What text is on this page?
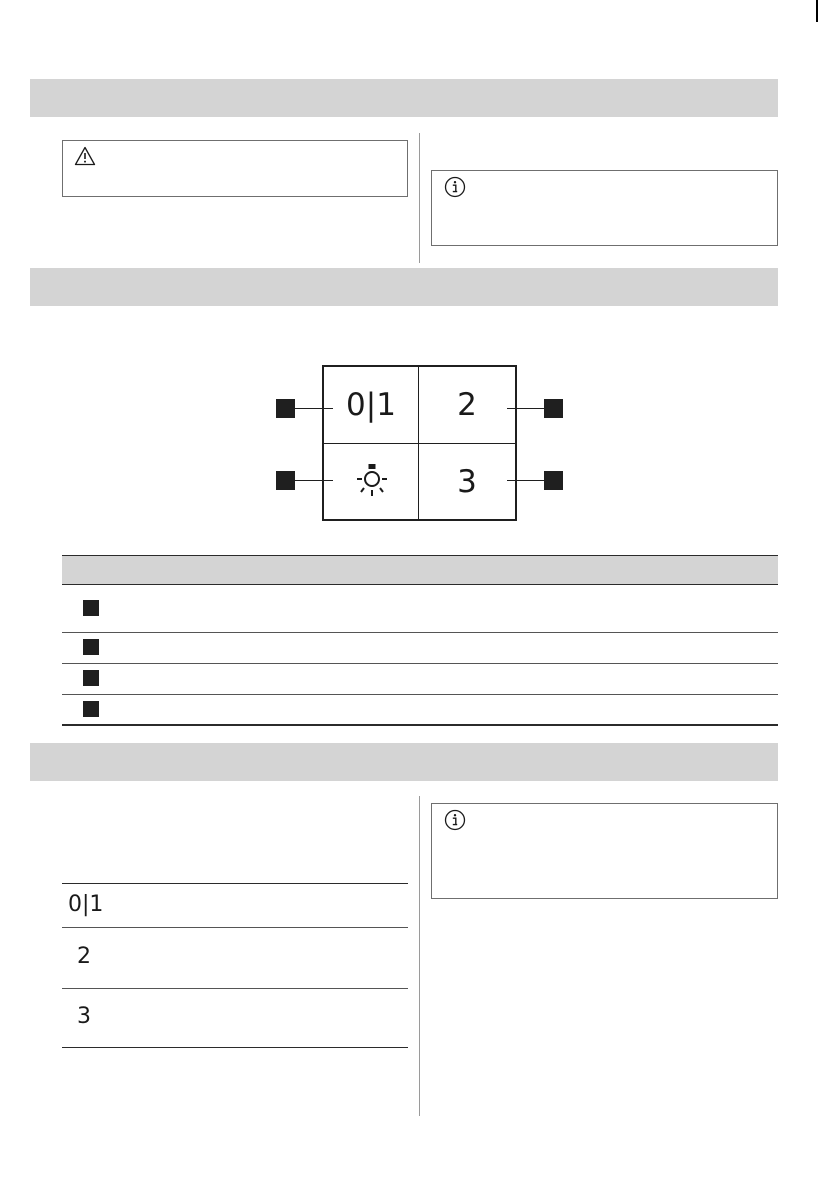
0|1	2
3
0|1
2
3
